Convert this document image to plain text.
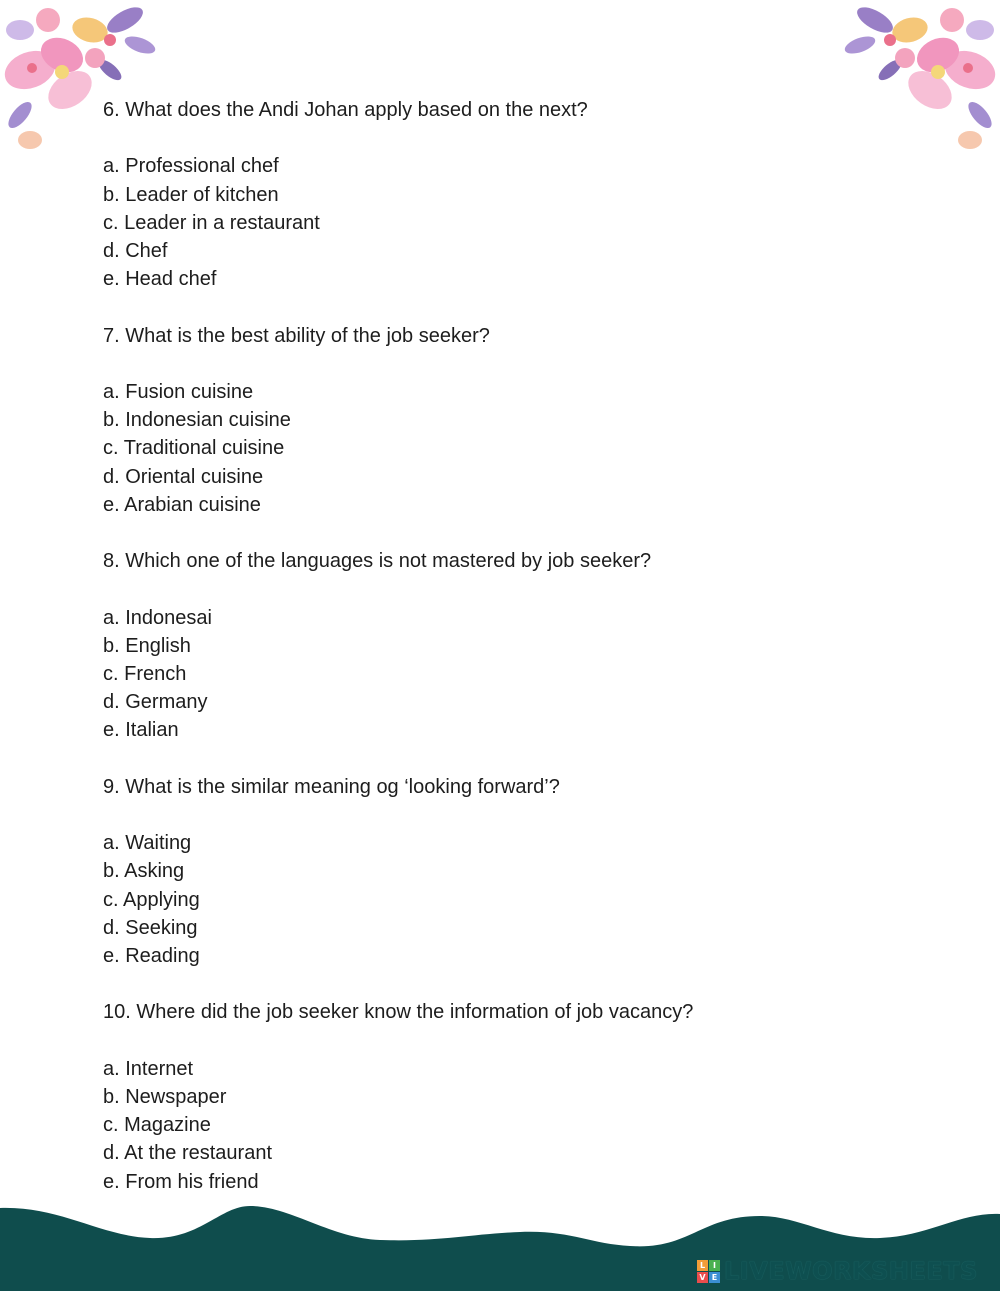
6. What does the Andi Johan apply based on the next?

a. Professional chef
b. Leader of kitchen
c. Leader in a restaurant
d. Chef
e. Head chef

7. What is the best ability of the job seeker?

a. Fusion cuisine
b. Indonesian cuisine
c. Traditional cuisine
d. Oriental cuisine
e. Arabian cuisine

8. Which one of the languages is not mastered by job seeker?

a. Indonesai
b. English
c. French
d. Germany
e. Italian

9. What is the similar meaning og ‘looking forward’?

a. Waiting
b. Asking
c. Applying
d. Seeking
e. Reading

10. Where did the job seeker know the information of job vacancy?

a. Internet
b. Newspaper
c. Magazine
d. At the restaurant
e. From his friend
L I
V E LIVEWORKSHEETS
